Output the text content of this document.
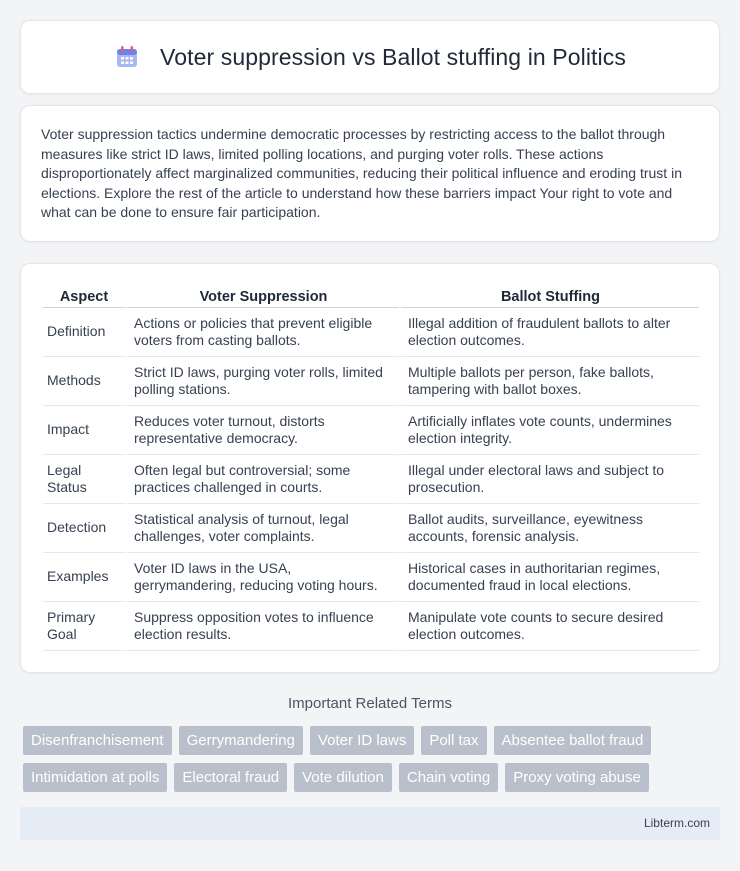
Voter suppression vs Ballot stuffing in Politics

Voter suppression tactics undermine democratic processes by restricting access to the ballot through measures like strict ID laws, limited polling locations, and purging voter rolls. These actions disproportionately affect marginalized communities, reducing their political influence and eroding trust in elections. Explore the rest of the article to understand how these barriers impact Your right to vote and what can be done to ensure fair participation.

Aspect	Voter Suppression	Ballot Stuffing
Definition	Actions or policies that prevent eligible voters from casting ballots.	Illegal addition of fraudulent ballots to alter election outcomes.
Methods	Strict ID laws, purging voter rolls, limited polling stations.	Multiple ballots per person, fake ballots, tampering with ballot boxes.
Impact	Reduces voter turnout, distorts representative democracy.	Artificially inflates vote counts, undermines election integrity.
Legal Status	Often legal but controversial; some practices challenged in courts.	Illegal under electoral laws and subject to prosecution.
Detection	Statistical analysis of turnout, legal challenges, voter complaints.	Ballot audits, surveillance, eyewitness accounts, forensic analysis.
Examples	Voter ID laws in the USA, gerrymandering, reducing voting hours.	Historical cases in authoritarian regimes, documented fraud in local elections.
Primary Goal	Suppress opposition votes to influence election results.	Manipulate vote counts to secure desired election outcomes.
Important Related Terms
Disenfranchisement	Gerrymandering	Voter ID laws	Poll tax	Absentee ballot fraud
Intimidation at polls	Electoral fraud	Vote dilution	Chain voting	Proxy voting abuse
Libterm.com
